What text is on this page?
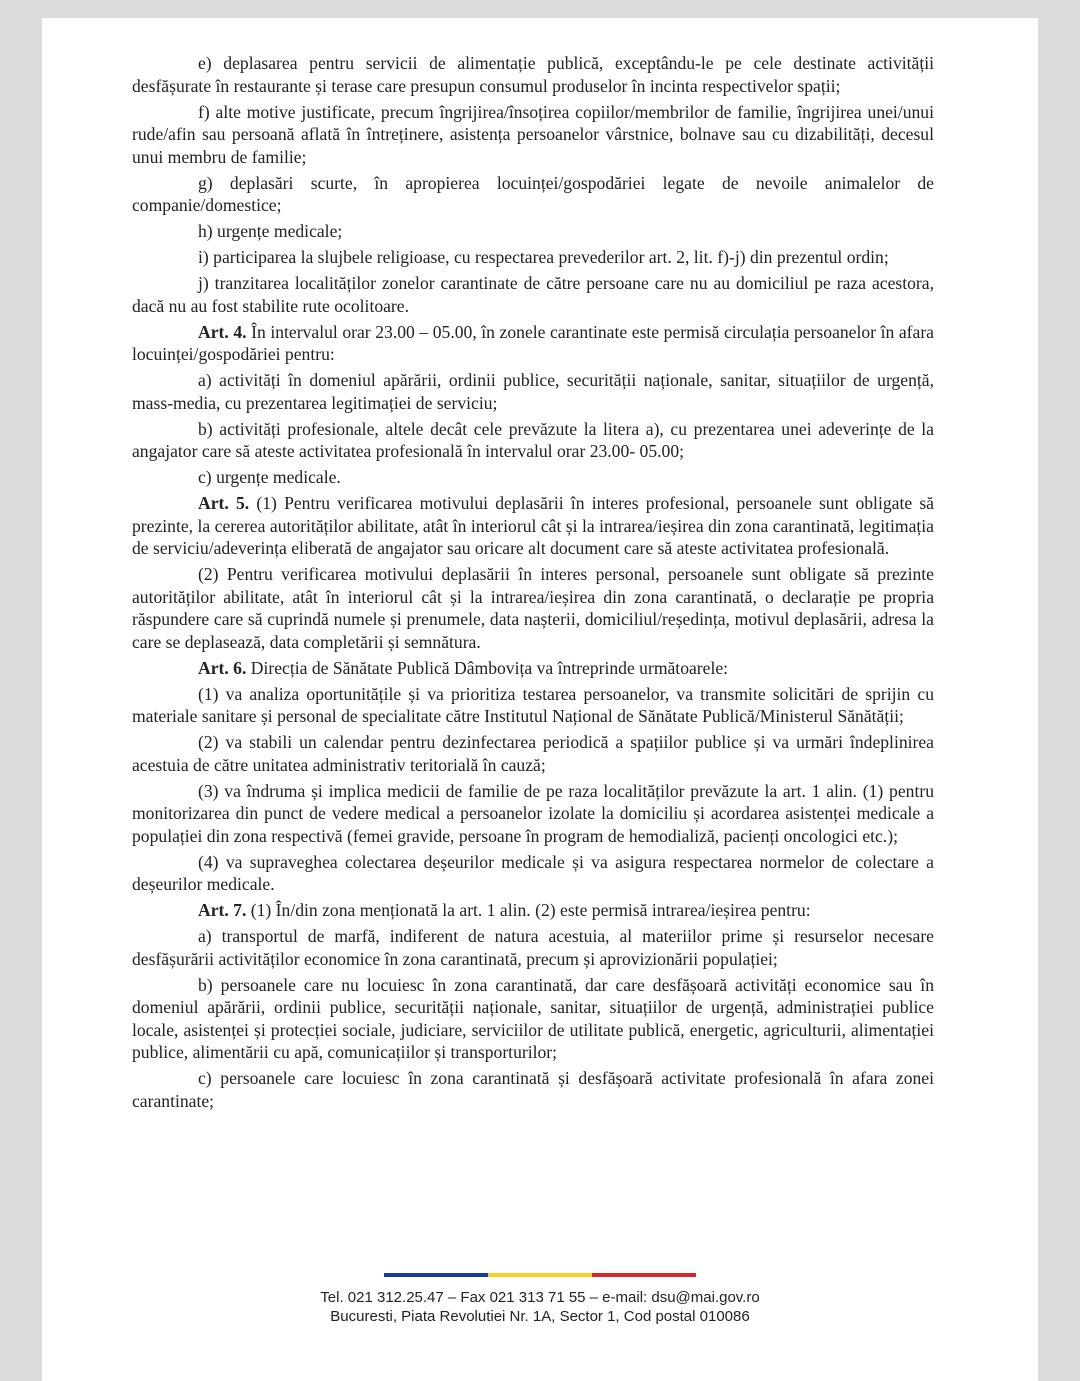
e) deplasarea pentru servicii de alimentație publică, exceptându-le pe cele destinate activității desfășurate în restaurante și terase care presupun consumul produselor în incinta respectivelor spații;

f) alte motive justificate, precum îngrijirea/însoțirea copiilor/membrilor de familie, îngrijirea unei/unui rude/afin sau persoană aflată în întreținere, asistența persoanelor vârstnice, bolnave sau cu dizabilități, decesul unui membru de familie;

g) deplasări scurte, în apropierea locuinței/gospodăriei legate de nevoile animalelor de companie/domestice;

h) urgențe medicale;

i) participarea la slujbele religioase, cu respectarea prevederilor art. 2, lit. f)-j) din prezentul ordin;

j) tranzitarea localităților zonelor carantinate de către persoane care nu au domiciliul pe raza acestora, dacă nu au fost stabilite rute ocolitoare.

Art. 4. În intervalul orar 23.00 – 05.00, în zonele carantinate este permisă circulația persoanelor în afara locuinței/gospodăriei pentru:

a) activități în domeniul apărării, ordinii publice, securității naționale, sanitar, situațiilor de urgență, mass-media, cu prezentarea legitimației de serviciu;

b) activități profesionale, altele decât cele prevăzute la litera a), cu prezentarea unei adeverințe de la angajator care să ateste activitatea profesională în intervalul orar 23.00- 05.00;

c) urgențe medicale.

Art. 5. (1) Pentru verificarea motivului deplasării în interes profesional, persoanele sunt obligate să prezinte, la cererea autorităților abilitate, atât în interiorul cât și la intrarea/ieșirea din zona carantinată, legitimația de serviciu/adeverința eliberată de angajator sau oricare alt document care să ateste activitatea profesională.

(2) Pentru verificarea motivului deplasării în interes personal, persoanele sunt obligate să prezinte autorităților abilitate, atât în interiorul cât și la intrarea/ieșirea din zona carantinată, o declarație pe propria răspundere care să cuprindă numele și prenumele, data nașterii, domiciliul/reședința, motivul deplasării, adresa la care se deplasează, data completării și semnătura.

Art. 6. Direcția de Sănătate Publică Dâmbovița va întreprinde următoarele:

(1) va analiza oportunitățile și va prioritiza testarea persoanelor, va transmite solicitări de sprijin cu materiale sanitare și personal de specialitate către Institutul Național de Sănătate Publică/Ministerul Sănătății;

(2) va stabili un calendar pentru dezinfectarea periodică a spațiilor publice și va urmări îndeplinirea acestuia de către unitatea administrativ teritorială în cauză;

(3) va îndruma și implica medicii de familie de pe raza localităților prevăzute la art. 1 alin. (1) pentru monitorizarea din punct de vedere medical a persoanelor izolate la domiciliu și acordarea asistenței medicale a populației din zona respectivă (femei gravide, persoane în program de hemodializă, pacienți oncologici etc.);

(4) va supraveghea colectarea deșeurilor medicale și va asigura respectarea normelor de colectare a deșeurilor medicale.

Art. 7. (1) În/din zona menționată la art. 1 alin. (2) este permisă intrarea/ieșirea pentru:

a) transportul de marfă, indiferent de natura acestuia, al materiilor prime și resurselor necesare desfășurării activităților economice în zona carantinată, precum și aprovizionării populației;

b) persoanele care nu locuiesc în zona carantinată, dar care desfășoară activități economice sau în domeniul apărării, ordinii publice, securității naționale, sanitar, situațiilor de urgență, administrației publice locale, asistenței și protecției sociale, judiciare, serviciilor de utilitate publică, energetic, agriculturii, alimentației publice, alimentării cu apă, comunicațiilor și transporturilor;

c) persoanele care locuiesc în zona carantinată și desfășoară activitate profesională în afara zonei carantinate;

Tel. 021 312.25.47 – Fax 021 313 71 55 – e-mail: dsu@mai.gov.ro
Bucuresti, Piata Revolutiei Nr. 1A, Sector 1, Cod postal 010086
